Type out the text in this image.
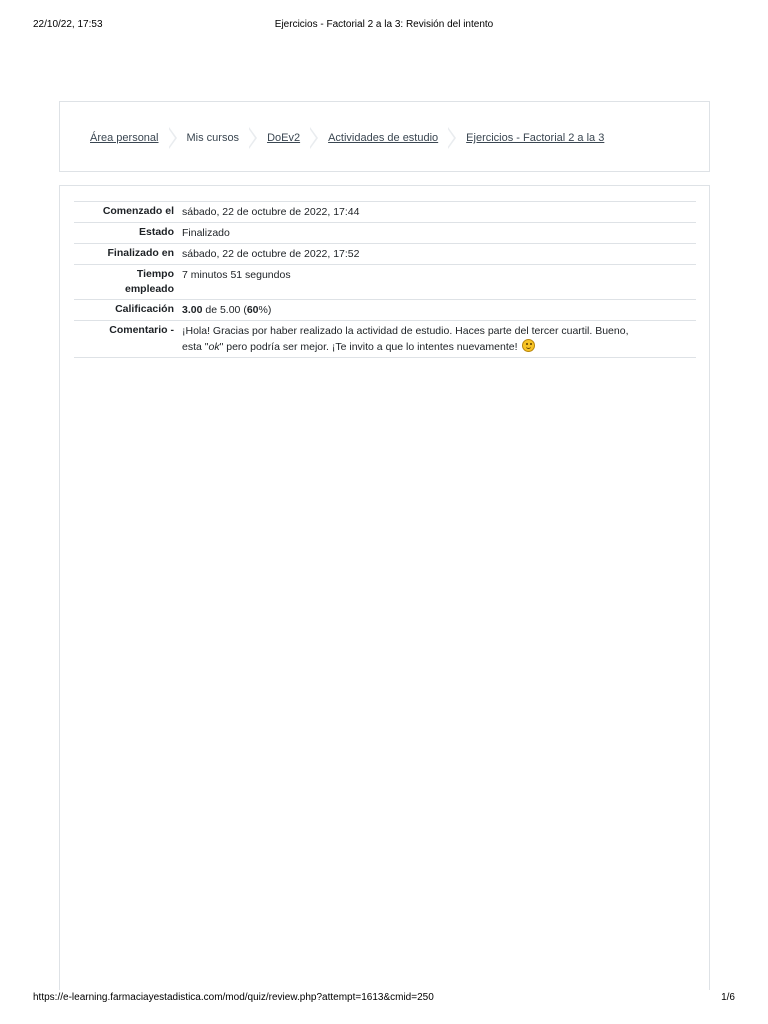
22/10/22, 17:53	Ejercicios - Factorial 2 a la 3: Revisión del intento
Área personal	Mis cursos	DoEv2	Actividades de estudio	Ejercicios - Factorial 2 a la 3
Comenzado el	sábado, 22 de octubre de 2022, 17:44
Estado	Finalizado
Finalizado en	sábado, 22 de octubre de 2022, 17:52
Tiempo
empleado	7 minutos 51 segundos
Calificación	3.00 de 5.00 (60%)
Comentario -	¡Hola! Gracias por haber realizado la actividad de estudio. Haces parte del tercer cuartil. Bueno,
esta "ok" pero podría ser mejor. ¡Te invito a que lo intentes nuevamente!
https://e-learning.farmaciayestadistica.com/mod/quiz/review.php?attempt=1613&cmid=250	1/6
